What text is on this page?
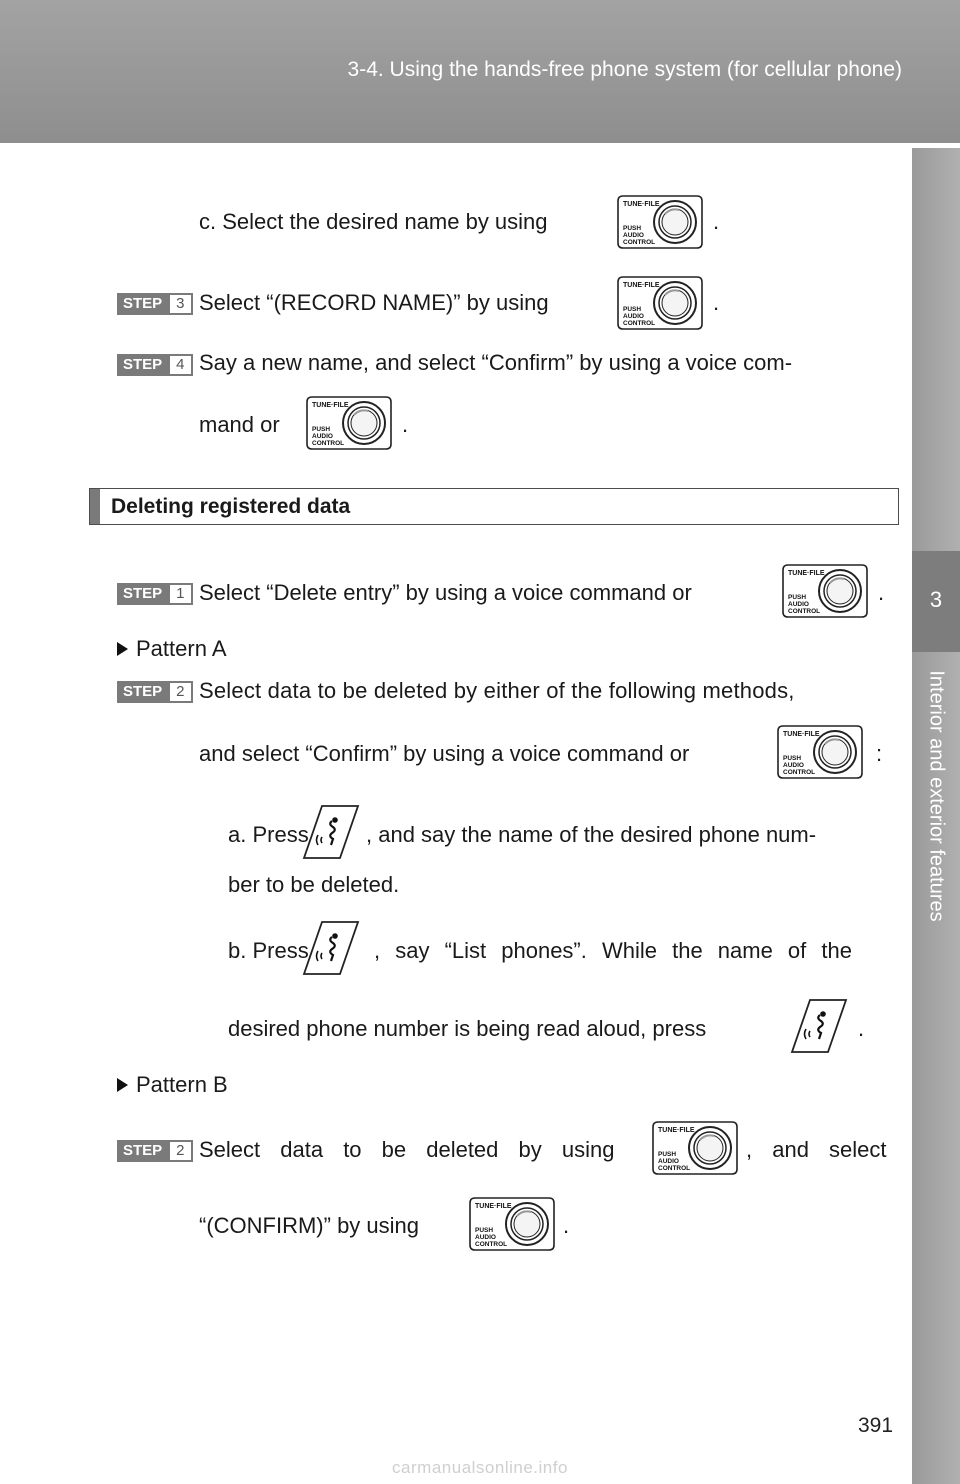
3-4. Using the hands-free phone system (for cellular phone)
3
Interior and exterior features
c. Select the desired name by using	.
STEP 3 Select “(RECORD NAME)” by using	.
STEP 4 Say a new name, and select “Confirm” by using a voice com-
mand or	.
Deleting registered data
STEP 1 Select “Delete entry” by using a voice command or	.
Pattern A
STEP 2 Select data to be deleted by either of the following methods,
and select “Confirm” by using a voice command or	:
a. Press	, and say the name of the desired phone num-
ber to be deleted.
b. Press	, say “List phones”. While the name of the
desired phone number is being read aloud, press	.
Pattern B
STEP 2 Select data to be deleted by using	, and select
“(CONFIRM)” by using	.
391
carmanualsonline.info
